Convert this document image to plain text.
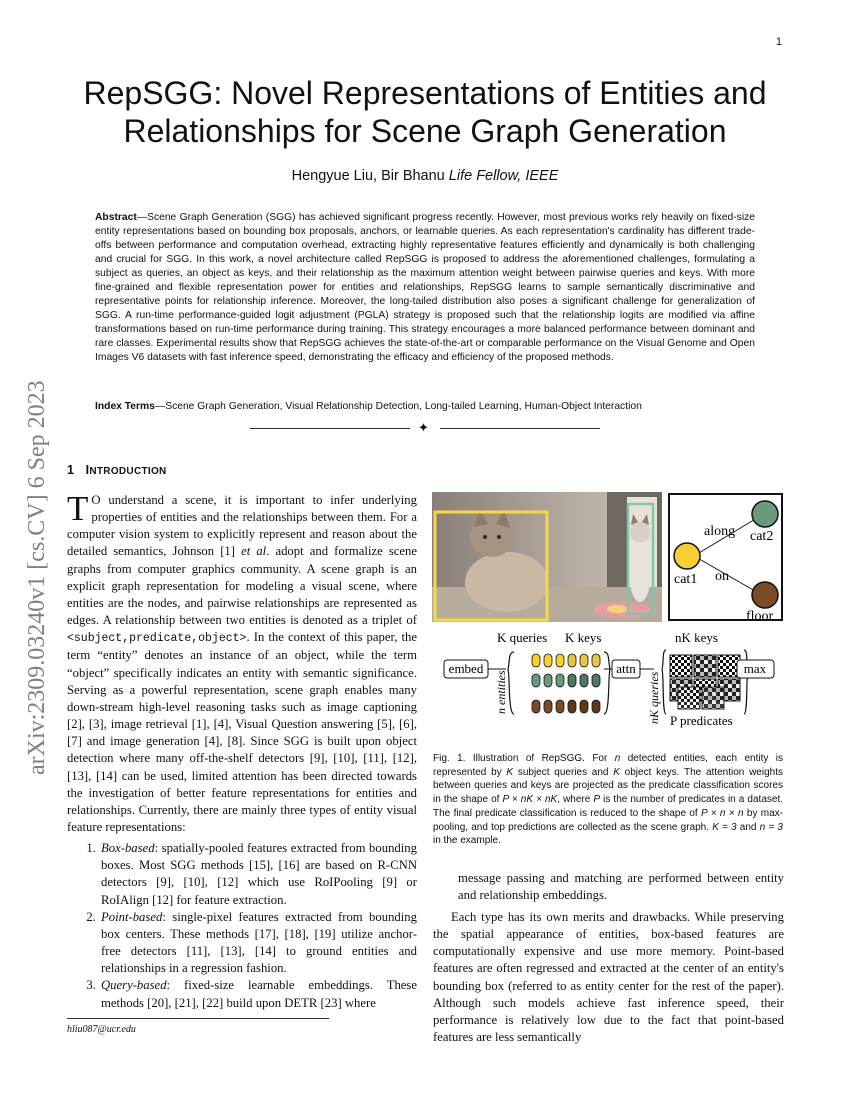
1
arXiv:2309.03240v1 [cs.CV] 6 Sep 2023
RepSGG: Novel Representations of Entities and Relationships for Scene Graph Generation
Hengyue Liu, Bir Bhanu Life Fellow, IEEE
Abstract—Scene Graph Generation (SGG) has achieved significant progress recently. However, most previous works rely heavily on fixed-size entity representations based on bounding box proposals, anchors, or learnable queries. As each representation's cardinality has different trade-offs between performance and computation overhead, extracting highly representative features efficiently and dynamically is both challenging and crucial for SGG. In this work, a novel architecture called RepSGG is proposed to address the aforementioned challenges, formulating a subject as queries, an object as keys, and their relationship as the maximum attention weight between pairwise queries and keys. With more fine-grained and flexible representation power for entities and relationships, RepSGG learns to sample semantically discriminative and representative points for relationship inference. Moreover, the long-tailed distribution also poses a significant challenge for generalization of SGG. A run-time performance-guided logit adjustment (PGLA) strategy is proposed such that the relationship logits are modified via affine transformations based on run-time performance during training. This strategy encourages a more balanced performance between dominant and rare classes. Experimental results show that RepSGG achieves the state-of-the-art or comparable performance on the Visual Genome and Open Images V6 datasets with fast inference speed, demonstrating the efficacy and efficiency of the proposed methods.
Index Terms—Scene Graph Generation, Visual Relationship Detection, Long-tailed Learning, Human-Object Interaction
✦
1 INTRODUCTION

T O understand a scene, it is important to infer underlying properties of entities and the relationships between them. For a computer vision system to explicitly represent and reason about the detailed semantics, Johnson [1] et al. adopt and formalize scene graphs from computer graphics community. A scene graph is an explicit graph representation for modeling a visual scene, where entities are the nodes, and pairwise relationships are represented as edges. A relationship between two entities is denoted as a triplet of <subject,predicate,object>. In the context of this paper, the term “entity” denotes an instance of an object, while the term “object” specifically indicates an entity with semantic significance. Serving as a powerful representation, scene graph enables many down-stream high-level reasoning tasks such as image captioning [2], [3], image retrieval [1], [4], Visual Question answering [5], [6], [7] and image generation [4], [8]. Since SGG is built upon object detection where many off-the-shelf detectors [9], [10], [11], [12], [13], [14] can be used, limited attention has been directed towards the investigation of better feature representations for entities and relationships. Currently, there are mainly three types of entity visual feature representations:

1. Box-based: spatially-pooled features extracted from bounding boxes. Most SGG methods [15], [16] are based on R-CNN detectors [9], [10], [12] which use RoIPooling [9] or RoIAlign [12] for feature extraction.
2. Point-based: single-pixel features extracted from bounding box centers. These methods [17], [18], [19] utilize anchor-free detectors [11], [13], [14] to ground entities and relationships in a regression fashion.
3. Query-based: fixed-size learnable embeddings. These methods [20], [21], [22] build upon DETR [23] where
hliu087@ucr.edu
cat1
cat2
floor
along
on
K queries K keys	nK keys
embed
n entities
attn
nK queries
max
P predicates
Fig. 1. Illustration of RepSGG. For n detected entities, each entity is represented by K subject queries and K object keys. The attention weights between queries and keys are projected as the predicate classification scores in the shape of P × nK × nK, where P is the number of predicates in a dataset. The final predicate classification is reduced to the shape of P × n × n by max-pooling, and top predictions are collected as the scene graph. K = 3 and n = 3 in the example.

message passing and matching are performed between entity and relationship embeddings.

Each type has its own merits and drawbacks. While preserving the spatial appearance of entities, box-based features are computationally expensive and use more memory. Point-based features are often regressed and extracted at the center of an entity's bounding box (referred to as entity center for the rest of the paper). Although such models achieve fast inference speed, their performance is relatively low due to the fact that point-based features are less semantically
